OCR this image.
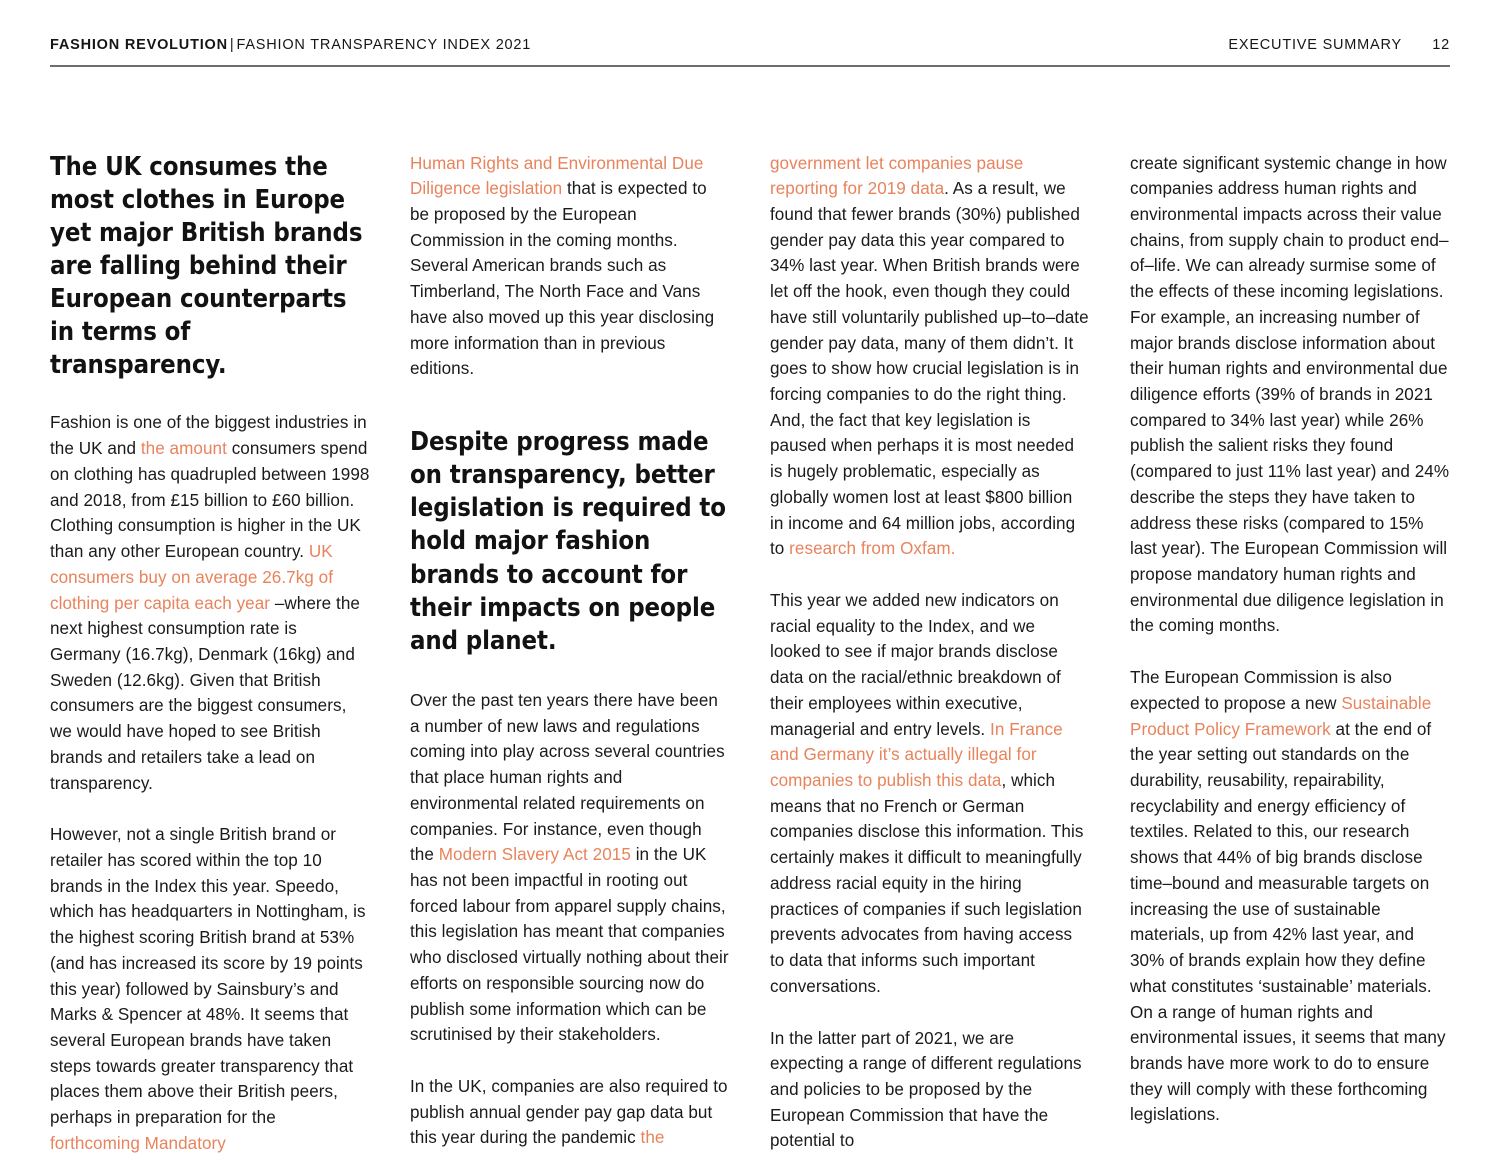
FASHION REVOLUTION | FASHION TRANSPARENCY INDEX 2021	EXECUTIVE SUMMARY 12
The UK consumes the most clothes in Europe yet major British brands are falling behind their European counterparts in terms of transparency.

Fashion is one of the biggest industries in the UK and the amount consumers spend on clothing has quadrupled between 1998 and 2018, from £15 billion to £60 billion. Clothing consumption is higher in the UK than any other European country. UK consumers buy on average 26.7kg of clothing per capita each year –where the next highest consumption rate is Germany (16.7kg), Denmark (16kg) and Sweden (12.6kg). Given that British consumers are the biggest consumers, we would have hoped to see British brands and retailers take a lead on transparency.

However, not a single British brand or retailer has scored within the top 10 brands in the Index this year. Speedo, which has headquarters in Nottingham, is the highest scoring British brand at 53% (and has increased its score by 19 points this year) followed by Sainsbury’s and Marks & Spencer at 48%. It seems that several European brands have taken steps towards greater transparency that places them above their British peers, perhaps in preparation for the forthcoming Mandatory

Human Rights and Environmental Due Diligence legislation that is expected to be proposed by the European Commission in the coming months. Several American brands such as Timberland, The North Face and Vans have also moved up this year disclosing more information than in previous editions.

Despite progress made on transparency, better legislation is required to hold major fashion brands to account for their impacts on people and planet.

Over the past ten years there have been a number of new laws and regulations coming into play across several countries that place human rights and environmental related requirements on companies. For instance, even though the Modern Slavery Act 2015 in the UK has not been impactful in rooting out forced labour from apparel supply chains, this legislation has meant that companies who disclosed virtually nothing about their efforts on responsible sourcing now do publish some information which can be scrutinised by their stakeholders.

In the UK, companies are also required to publish annual gender pay gap data but this year during the pandemic the

government let companies pause reporting for 2019 data. As a result, we found that fewer brands (30%) published gender pay data this year compared to 34% last year. When British brands were let off the hook, even though they could have still voluntarily published up–to–date gender pay data, many of them didn’t. It goes to show how crucial legislation is in forcing companies to do the right thing. And, the fact that key legislation is paused when perhaps it is most needed is hugely problematic, especially as globally women lost at least $800 billion in income and 64 million jobs, according to research from Oxfam.

This year we added new indicators on racial equality to the Index, and we looked to see if major brands disclose data on the racial/ethnic breakdown of their employees within executive, managerial and entry levels. In France and Germany it’s actually illegal for companies to publish this data, which means that no French or German companies disclose this information. This certainly makes it difficult to meaningfully address racial equity in the hiring practices of companies if such legislation prevents advocates from having access to data that informs such important conversations.

In the latter part of 2021, we are expecting a range of different regulations and policies to be proposed by the European Commission that have the potential to

create significant systemic change in how companies address human rights and environmental impacts across their value chains, from supply chain to product end–of–life. We can already surmise some of the effects of these incoming legislations. For example, an increasing number of major brands disclose information about their human rights and environmental due diligence efforts (39% of brands in 2021 compared to 34% last year) while 26% publish the salient risks they found (compared to just 11% last year) and 24% describe the steps they have taken to address these risks (compared to 15% last year). The European Commission will propose mandatory human rights and environmental due diligence legislation in the coming months.

The European Commission is also expected to propose a new Sustainable Product Policy Framework at the end of the year setting out standards on the durability, reusability, repairability, recyclability and energy efficiency of textiles. Related to this, our research shows that 44% of big brands disclose time–bound and measurable targets on increasing the use of sustainable materials, up from 42% last year, and 30% of brands explain how they define what constitutes ‘sustainable’ materials. On a range of human rights and environmental issues, it seems that many brands have more work to do to ensure they will comply with these forthcoming legislations.
